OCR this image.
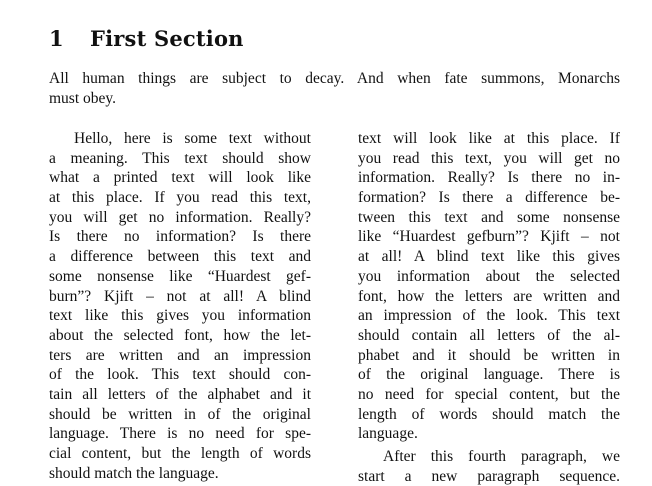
1 First Section
All human things are subject to decay. And when fate summons, Monarchs
must obey.
Hello, here is some text without
a meaning. This text should show
what a printed text will look like
at this place. If you read this text,
you will get no information. Really?
Is there no information? Is there
a difference between this text and
some nonsense like “Huardest gef-
burn”? Kjift – not at all! A blind
text like this gives you information
about the selected font, how the let-
ters are written and an impression
of the look. This text should con-
tain all letters of the alphabet and it
should be written in of the original
language. There is no need for spe-
cial content, but the length of words
should match the language.
text will look like at this place. If
you read this text, you will get no
information. Really? Is there no in-
formation? Is there a difference be-
tween this text and some nonsense
like “Huardest gefburn”? Kjift – not
at all! A blind text like this gives
you information about the selected
font, how the letters are written and
an impression of the look. This text
should contain all letters of the al-
phabet and it should be written in
of the original language. There is
no need for special content, but the
length of words should match the
language.
After this fourth paragraph, we
start a new paragraph sequence.
